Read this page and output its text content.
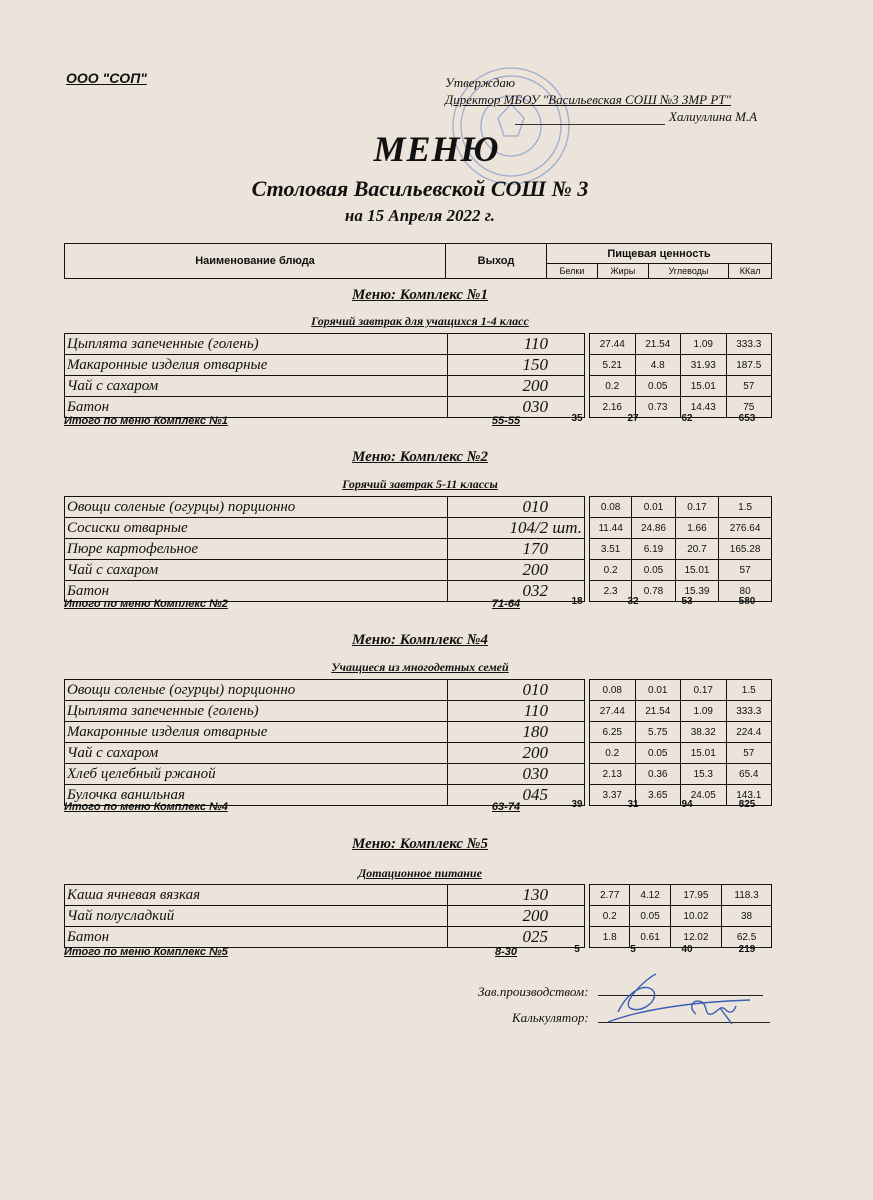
ООО "СОП"	Утверждаю
Директор МБОУ "Васильевская СОШ №3 ЗМР РТ"
Халиуллина М.А
МЕНЮ
Столовая Васильевской СОШ № 3
на 15 Апреля 2022 г.
Наименование блюда	Выход	Пищевая ценность			
		Белки	Жиры	Углеводы	ККал
Меню: Комплекс №1
Горячий завтрак для учащихся 1-4 класс
Цыплята запеченные (голень)	110		27.44	21.54	1.09	333.3
Макаронные изделия отварные	150		5.21	4.8	31.93	187.5
Чай с сахаром	200		0.2	0.05	15.01	57
Батон	030		2.16	0.73	14.43	75
Итого по меню Комплекс №1	55-55	35	27	62	653
Меню: Комплекс №2
Горячий завтрак 5-11 классы
Овощи соленые (огурцы) порционно	010		0.08	0.01	0.17	1.5
Сосиски отварные	104/2 шт.		11.44	24.86	1.66	276.64
Пюре картофельное	170		3.51	6.19	20.7	165.28
Чай с сахаром	200		0.2	0.05	15.01	57
Батон	032		2.3	0.78	15.39	80
Итого по меню Комплекс №2	71-64	18	32	53	580
Меню: Комплекс №4
Учащиеся из многодетных семей
Овощи соленые (огурцы) порционно	010		0.08	0.01	0.17	1.5
Цыплята запеченные (голень)	110		27.44	21.54	1.09	333.3
Макаронные изделия отварные	180		6.25	5.75	38.32	224.4
Чай с сахаром	200		0.2	0.05	15.01	57
Хлеб целебный ржаной	030		2.13	0.36	15.3	65.4
Булочка ванильная	045		3.37	3.65	24.05	143.1
Итого по меню Комплекс №4	63-74	39	31	94	825
Меню: Комплекс №5
Дотационное питание
Каша ячневая вязкая	130		2.77	4.12	17.95	118.3
Чай полусладкий	200		0.2	0.05	10.02	38
Батон	025		1.8	0.61	12.02	62.5
Итого по меню Комплекс №5	8-30	5	5	40	219
Зав.производством:
Калькулятор:
